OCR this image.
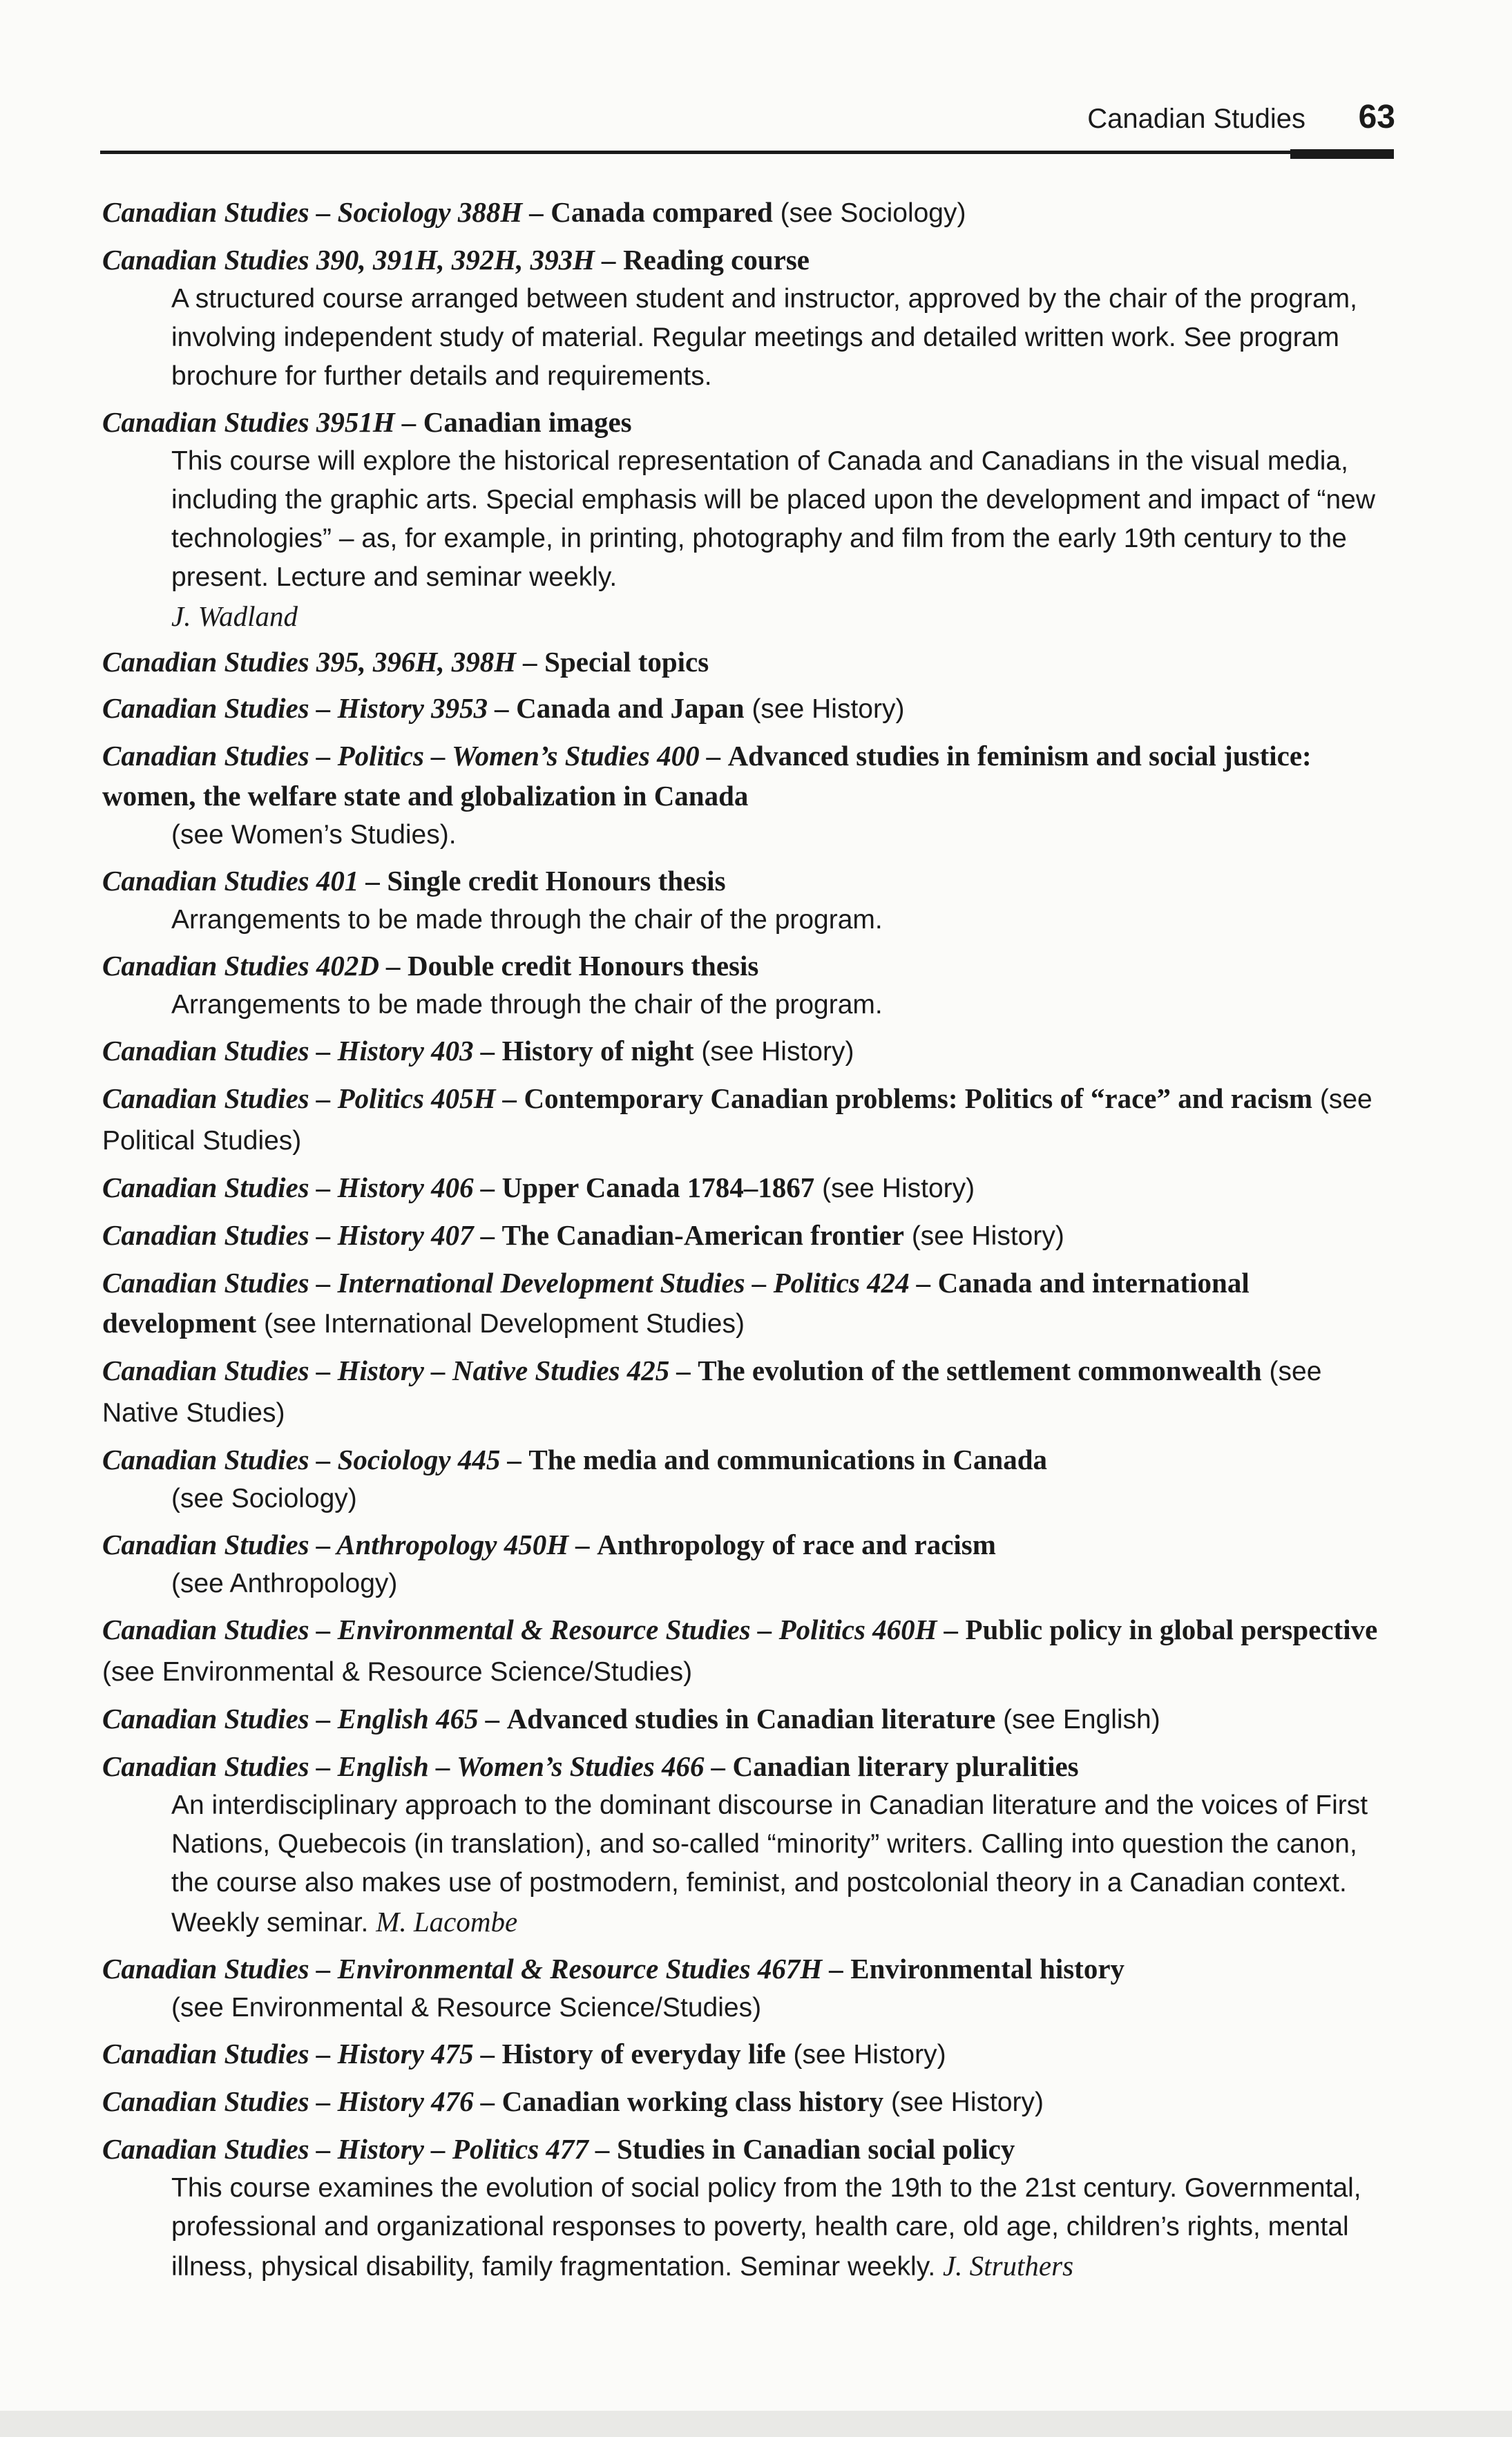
Canadian Studies 63
Canadian Studies – Sociology 388H – Canada compared (see Sociology)
Canadian Studies 390, 391H, 392H, 393H – Reading course
A structured course arranged between student and instructor, approved by the chair of the program, involving independent study of material. Regular meetings and detailed written work. See program brochure for further details and requirements.
Canadian Studies 3951H – Canadian images
This course will explore the historical representation of Canada and Canadians in the visual media, including the graphic arts. Special emphasis will be placed upon the development and impact of “new technologies” – as, for example, in printing, photography and film from the early 19th century to the present. Lecture and seminar weekly.
J. Wadland
Canadian Studies 395, 396H, 398H – Special topics
Canadian Studies – History 3953 – Canada and Japan (see History)
Canadian Studies – Politics – Women’s Studies 400 – Advanced studies in feminism and social justice: women, the welfare state and globalization in Canada
(see Women’s Studies).
Canadian Studies 401 – Single credit Honours thesis
Arrangements to be made through the chair of the program.
Canadian Studies 402D – Double credit Honours thesis
Arrangements to be made through the chair of the program.
Canadian Studies – History 403 – History of night (see History)
Canadian Studies – Politics 405H – Contemporary Canadian problems: Politics of “race” and racism (see Political Studies)
Canadian Studies – History 406 – Upper Canada 1784–1867 (see History)
Canadian Studies – History 407 – The Canadian-American frontier (see History)
Canadian Studies – International Development Studies – Politics 424 – Canada and international development (see International Development Studies)
Canadian Studies – History – Native Studies 425 – The evolution of the settlement commonwealth (see Native Studies)
Canadian Studies – Sociology 445 – The media and communications in Canada
(see Sociology)
Canadian Studies – Anthropology 450H – Anthropology of race and racism
(see Anthropology)
Canadian Studies – Environmental & Resource Studies – Politics 460H – Public policy in global perspective (see Environmental & Resource Science/Studies)
Canadian Studies – English 465 – Advanced studies in Canadian literature (see English)
Canadian Studies – English – Women’s Studies 466 – Canadian literary pluralities
An interdisciplinary approach to the dominant discourse in Canadian literature and the voices of First Nations, Quebecois (in translation), and so-called “minority” writers. Calling into question the canon, the course also makes use of postmodern, feminist, and postcolonial theory in a Canadian context. Weekly seminar. M. Lacombe
Canadian Studies – Environmental & Resource Studies 467H – Environmental history
(see Environmental & Resource Science/Studies)
Canadian Studies – History 475 – History of everyday life (see History)
Canadian Studies – History 476 – Canadian working class history (see History)
Canadian Studies – History – Politics 477 – Studies in Canadian social policy
This course examines the evolution of social policy from the 19th to the 21st century. Governmental, professional and organizational responses to poverty, health care, old age, children’s rights, mental illness, physical disability, family fragmentation. Seminar weekly. J. Struthers
